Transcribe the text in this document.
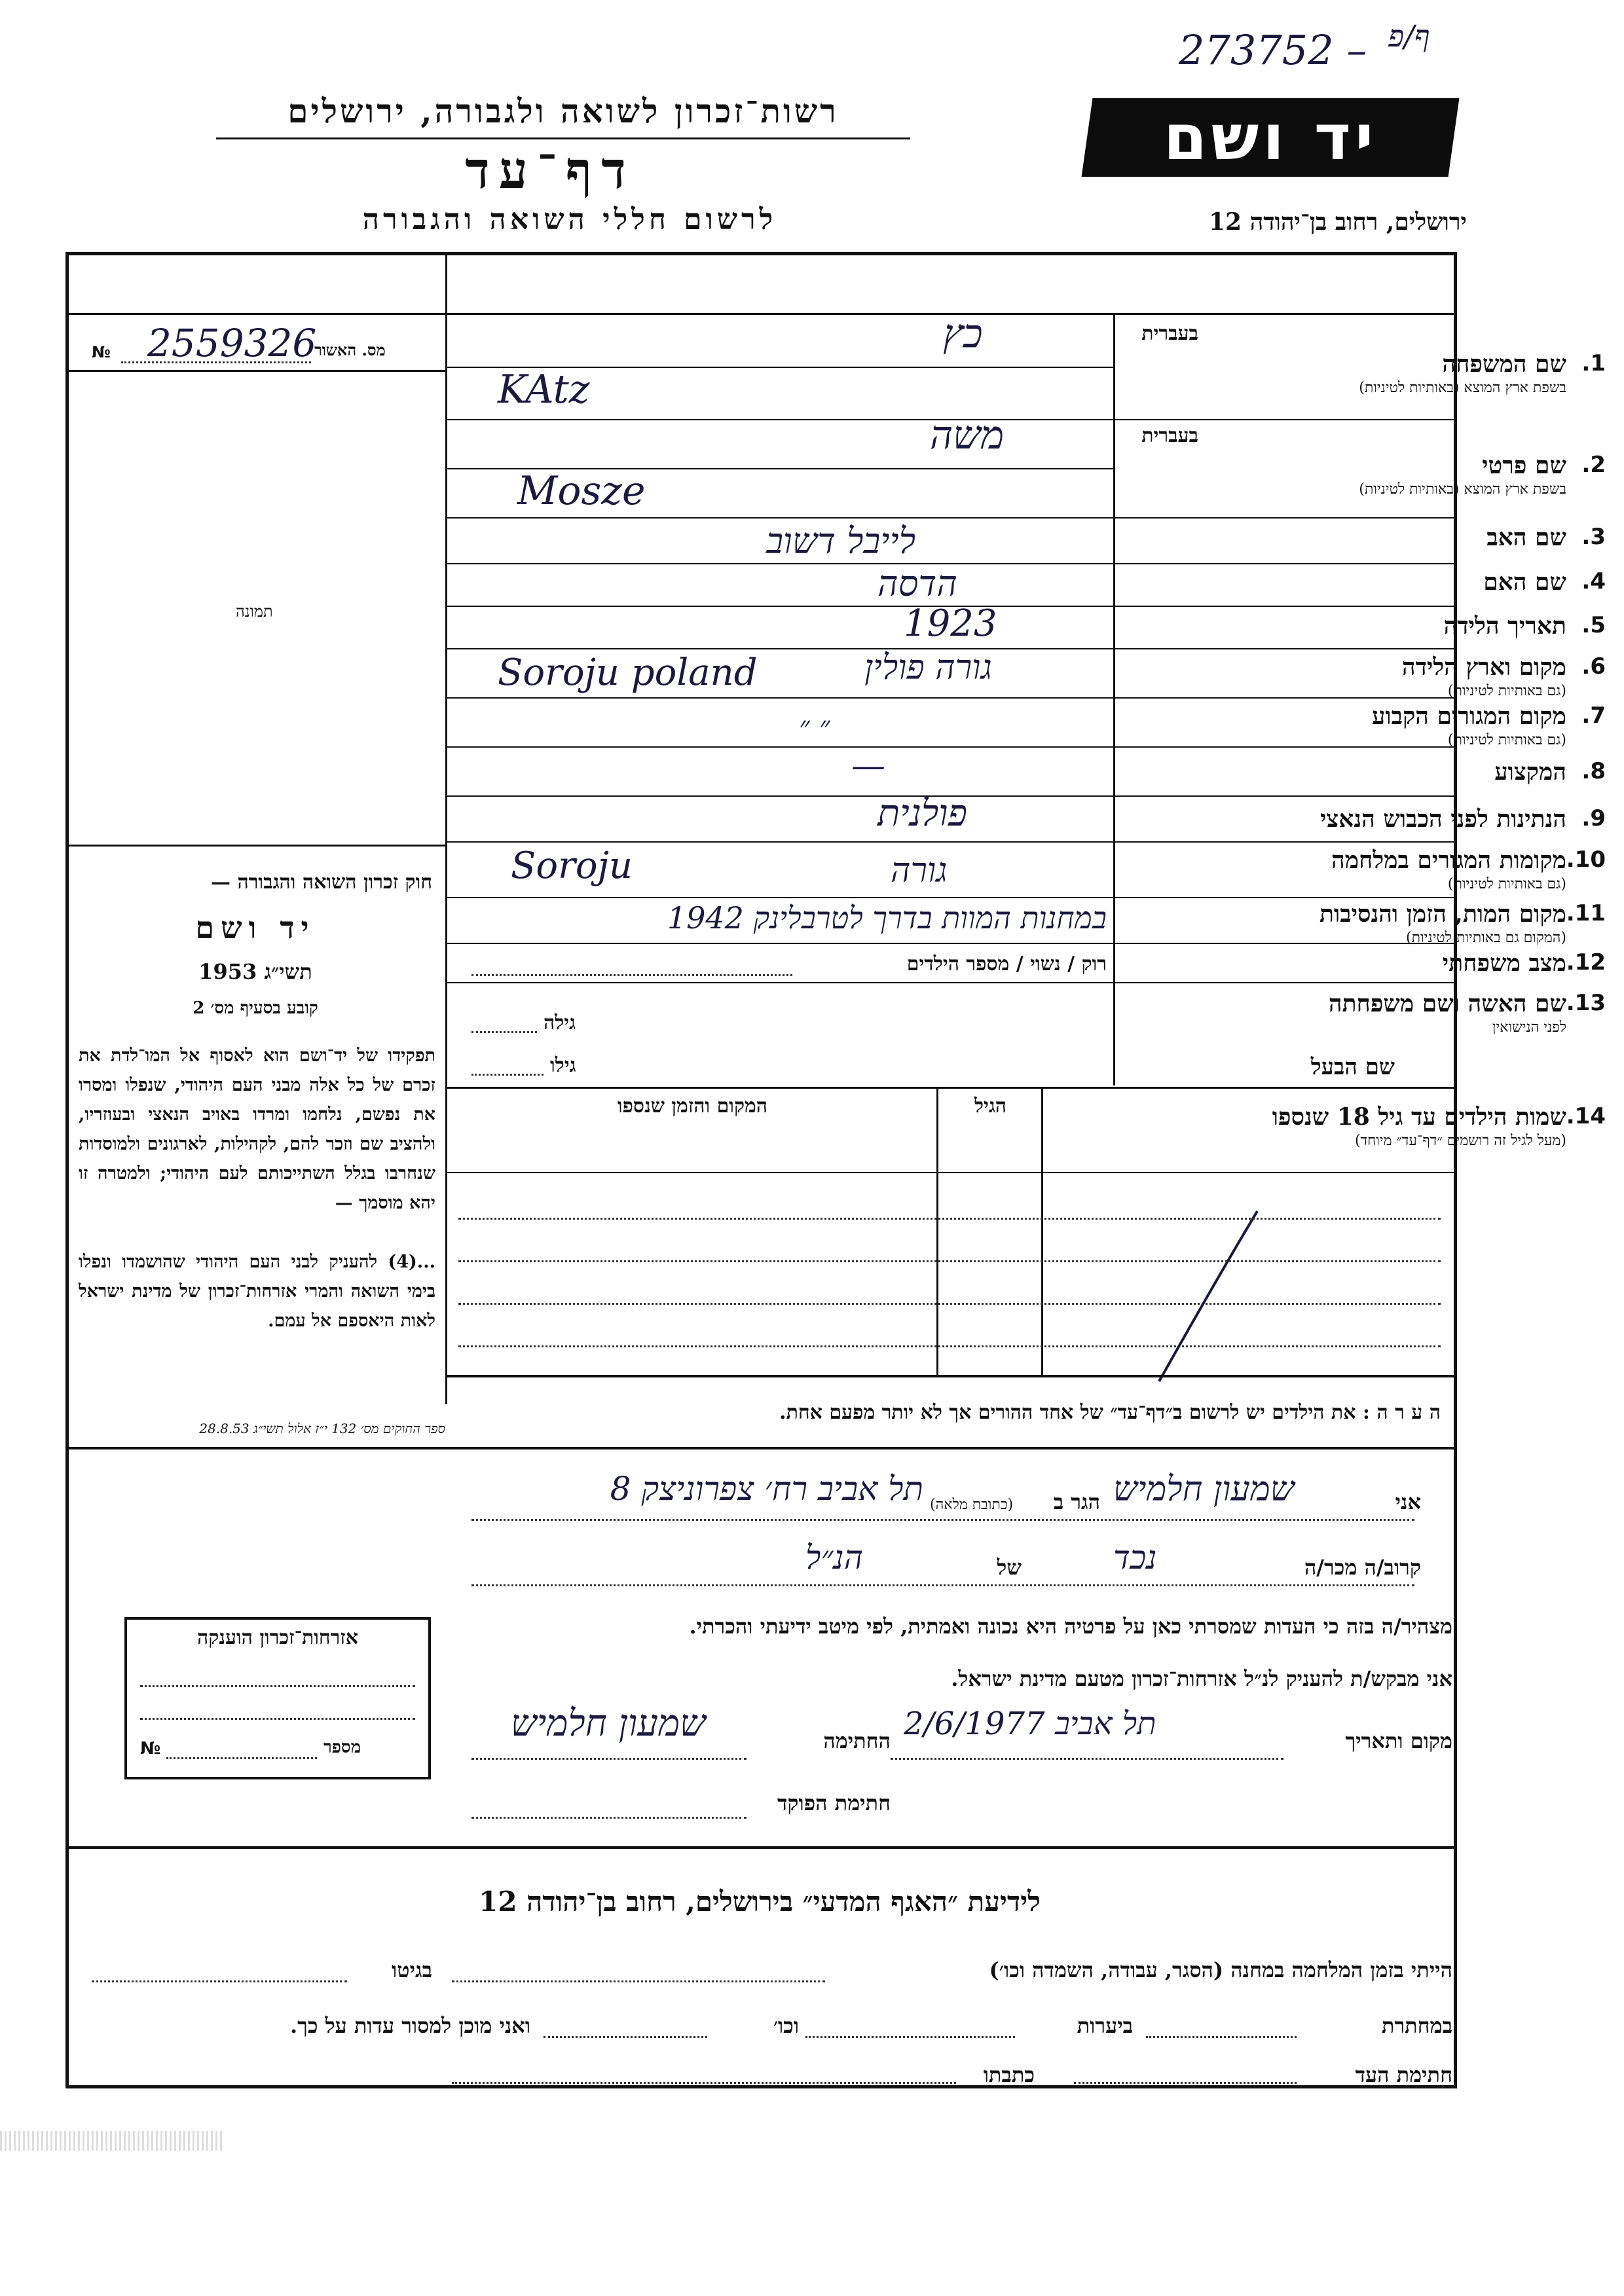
273752 – ף/פ
רשות־זכרון לשואה ולגבורה, ירושלים
דף־עד
לרשום חללי השואה והגבורה
יד ושם
ירושלים, רחוב בן־יהודה 12
מס. האשור
№ 2559326
תמונה
חוק זכרון השואה והגבורה —
יד ושם
תשי״ג 1953
קובע בסעיף מס׳ 2
תפקידו של יד־ושם הוא לאסוף אל המו־לדת את זכרם של כל אלה מבני העם היהודי, שנפלו ומסרו את נפשם, נלחמו ומרדו באויב הנאצי ובעוזריו, ולהציב שם וזכר להם, לקהילות, לארגונים ולמוסדות שנחרבו בגלל השתייכותם לעם היהודי; ולמטרה זו יהא מוסמך —
...(4) להעניק לבני העם היהודי שהושמדו ונפלו בימי השואה והמרי אזרחות־זכרון של מדינת ישראל לאות היאספם אל עמם.
ספר החוקים מס׳ 132 י״ז אלול תשי״ג 28.8.53
בעברית
1.
שם המשפחה
בשפת ארץ המוצא (באותיות לטיניות)
בעברית
2.
שם פרטי
בשפת ארץ המוצא (באותיות לטיניות)
3.
שם האב
4.
שם האם
5.
תאריך הלידה
6.
מקום וארץ הלידה
(גם באותיות לטיניות)
7.
מקום המגורים הקבוע
(גם באותיות לטיניות)
8.
המקצוע
9.
הנתינות לפני הכבוש הנאצי
10.
מקומות המגורים במלחמה
(גם באותיות לטיניות)
11.
מקום המות, הזמן והנסיבות
(המקום גם באותיות לטיניות)
12.
מצב משפחתי
13.
שם האשה ושם משפחתה
לפני הנישואין
שם הבעל
כץ
KAtz
משה
Mosze
לייבל דשוב
הדסה
1923
גורה פולין
Soroju poland
״ ״
—
פולנית
גורה
Soroju
במחנות המוות בדרך לטרבלינק 1942
רוק / נשוי / מספר הילדים
גילה
גילו
14.
שמות הילדים עד גיל 18 שנספו
(מעל לגיל זה רושמים ״דף־עד״ מיוחד)
הגיל
המקום והזמן שנספו
ה ע ר ה : את הילדים יש לרשום ב״דף־עד״ של אחד ההורים אך לא יותר מפעם אחת.
אני
שמעון חלמיש
הגר ב
(כתובת מלאה)
תל אביב רח׳ צפרוניצק 8
קרוב/ה מכר/ה
נכד
של
הנ״ל
מצהיר/ה בזה כי העדות שמסרתי כאן על פרטיה היא נכונה ואמתית, לפי מיטב ידיעתי והכרתי.
אני מבקש/ת להעניק לנ״ל אזרחות־זכרון מטעם מדינת ישראל.
מקום ותאריך
תל אביב 2/6/1977
החתימה
שמעון חלמיש
חתימת הפוקד
אזרחות־זכרון הוענקה
מספר
№
לידיעת ״האגף המדעי״ בירושלים, רחוב בן־יהודה 12
הייתי בזמן המלחמה במחנה (הסגר, עבודה, השמדה וכו׳)
בגיטו
במחתרת
ביערות
וכו׳
ואני מוכן למסור עדות על כך.
חתימת העד
כתבתו
